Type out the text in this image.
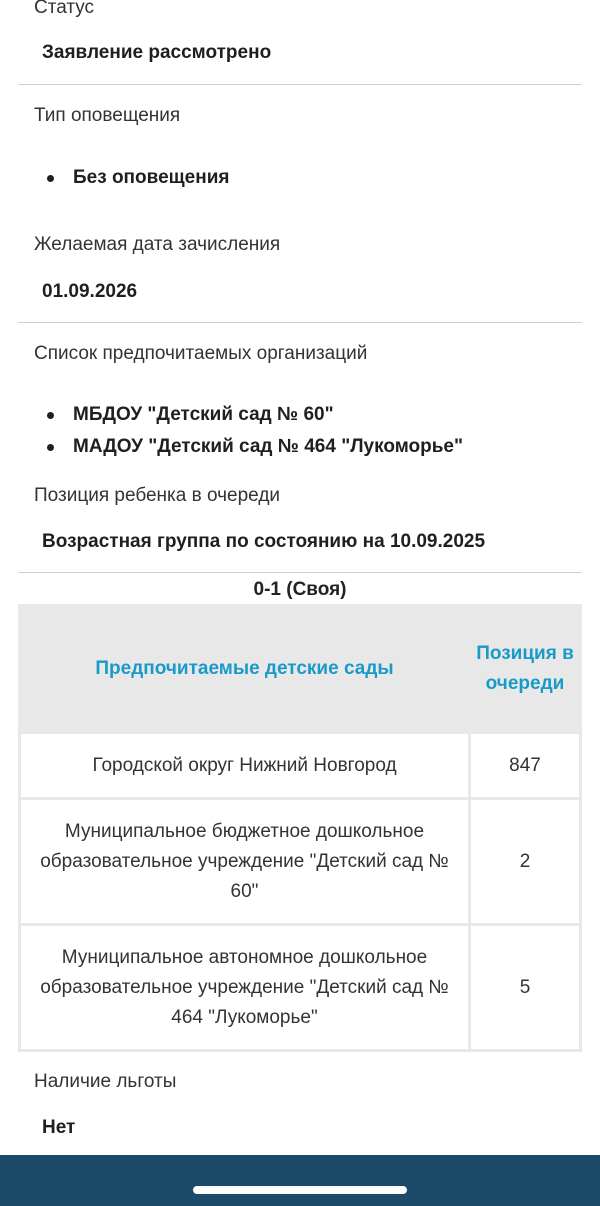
Статус
Заявление рассмотрено
Тип оповещения
Без оповещения
Желаемая дата зачисления
01.09.2026
Список предпочитаемых организаций
МБДОУ "Детский сад № 60"
МАДОУ "Детский сад № 464 "Лукоморье"
Позиция ребенка в очереди
Возрастная группа по состоянию на 10.09.2025
0-1 (Своя)
Предпочитаемые детские сады	Позиция в очереди
Городской округ Нижний Новгород	847
Муниципальное бюджетное дошкольное образовательное учреждение "Детский сад № 60"	2
Муниципальное автономное дошкольное образовательное учреждение "Детский сад № 464 "Лукоморье"	5
Наличие льготы
Нет
